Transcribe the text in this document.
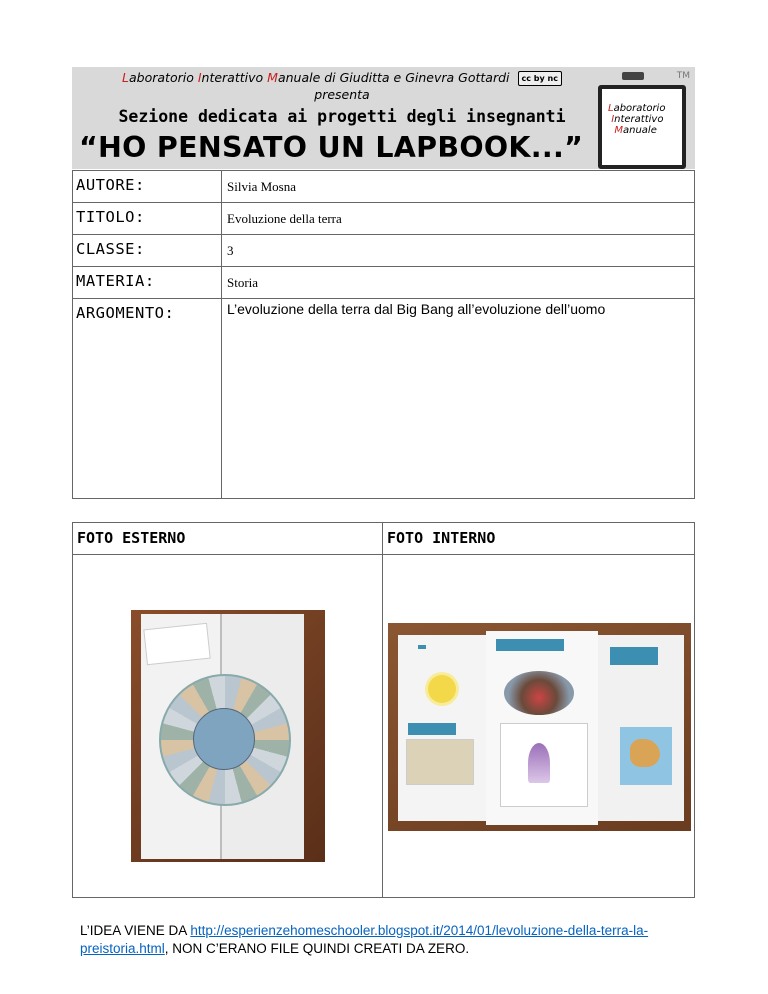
Laboratorio Interattivo Manuale di Giuditta e Ginevra Gottardi cc by nc
presenta
Sezione dedicata ai progetti degli insegnanti
“HO PENSATO UN LAPBOOK...”
TM
Laboratorio
Interattivo
Manuale
AUTORE:	Silvia Mosna
TITOLO:	Evoluzione della terra
CLASSE:	3
MATERIA:	Storia
ARGOMENTO:	L’evoluzione della terra dal Big Bang all’evoluzione dell’uomo
FOTO ESTERNO	FOTO INTERNO
L’IDEA VIENE DA http://esperienzehomeschooler.blogspot.it/2014/01/levoluzione-della-terra-la-preistoria.html, NON C’ERANO FILE QUINDI CREATI DA ZERO.
